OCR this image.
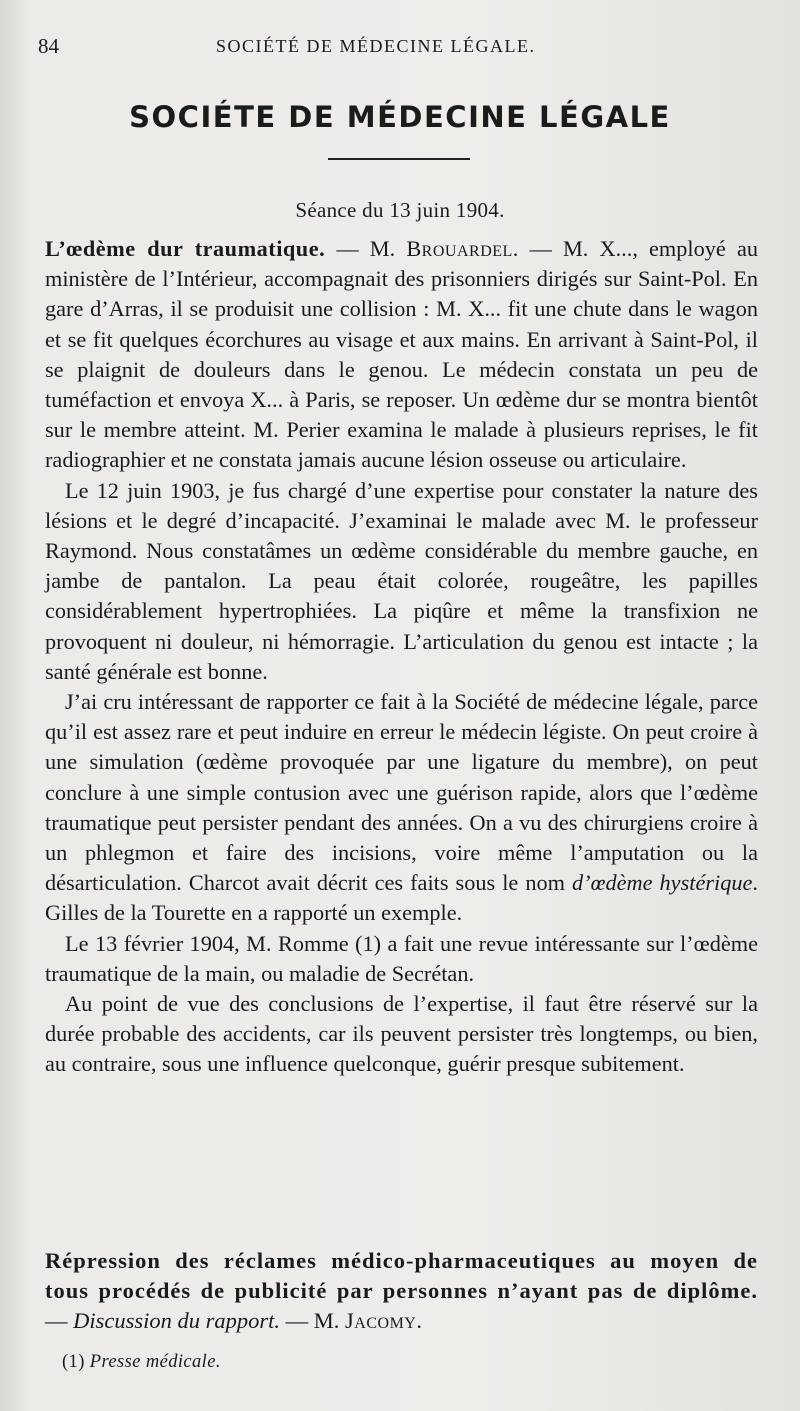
84	SOCIÉTÉ DE MÉDECINE LÉGALE.
SOCIÉTE DE MÉDECINE LÉGALE
Séance du 13 juin 1904.

L’œdème dur traumatique. — M. Brouardel. — M. X..., employé au ministère de l’Intérieur, accompagnait des prisonniers dirigés sur Saint-Pol. En gare d’Arras, il se produisit une collision : M. X... fit une chute dans le wagon et se fit quelques écorchures au visage et aux mains. En arrivant à Saint-Pol, il se plaignit de douleurs dans le genou. Le médecin constata un peu de tuméfaction et envoya X... à Paris, se reposer. Un œdème dur se montra bientôt sur le membre atteint. M. Perier examina le malade à plusieurs reprises, le fit radiographier et ne constata jamais aucune lésion osseuse ou articulaire.

Le 12 juin 1903, je fus chargé d’une expertise pour constater la nature des lésions et le degré d’incapacité. J’examinai le malade avec M. le professeur Raymond. Nous constatâmes un œdème considérable du membre gauche, en jambe de pantalon. La peau était colorée, rougeâtre, les papilles considérablement hypertrophiées. La piqûre et même la transfixion ne provoquent ni douleur, ni hémorragie. L’articulation du genou est intacte ; la santé générale est bonne.

J’ai cru intéressant de rapporter ce fait à la Société de médecine légale, parce qu’il est assez rare et peut induire en erreur le médecin légiste. On peut croire à une simulation (œdème provoquée par une ligature du membre), on peut conclure à une simple contusion avec une guérison rapide, alors que l’œdème traumatique peut persister pendant des années. On a vu des chirurgiens croire à un phlegmon et faire des incisions, voire même l’amputation ou la désarticulation. Charcot avait décrit ces faits sous le nom d’œdème hystérique. Gilles de la Tourette en a rapporté un exemple.

Le 13 février 1904, M. Romme (1) a fait une revue intéressante sur l’œdème traumatique de la main, ou maladie de Secrétan.

Au point de vue des conclusions de l’expertise, il faut être réservé sur la durée probable des accidents, car ils peuvent persister très longtemps, ou bien, au contraire, sous une influence quelconque, guérir presque subitement.

Répression des réclames médico-pharmaceutiques au moyen de tous procédés de publicité par personnes n’ayant pas de diplôme. — Discussion du rapport. — M. Jacomy.
(1) Presse médicale.
